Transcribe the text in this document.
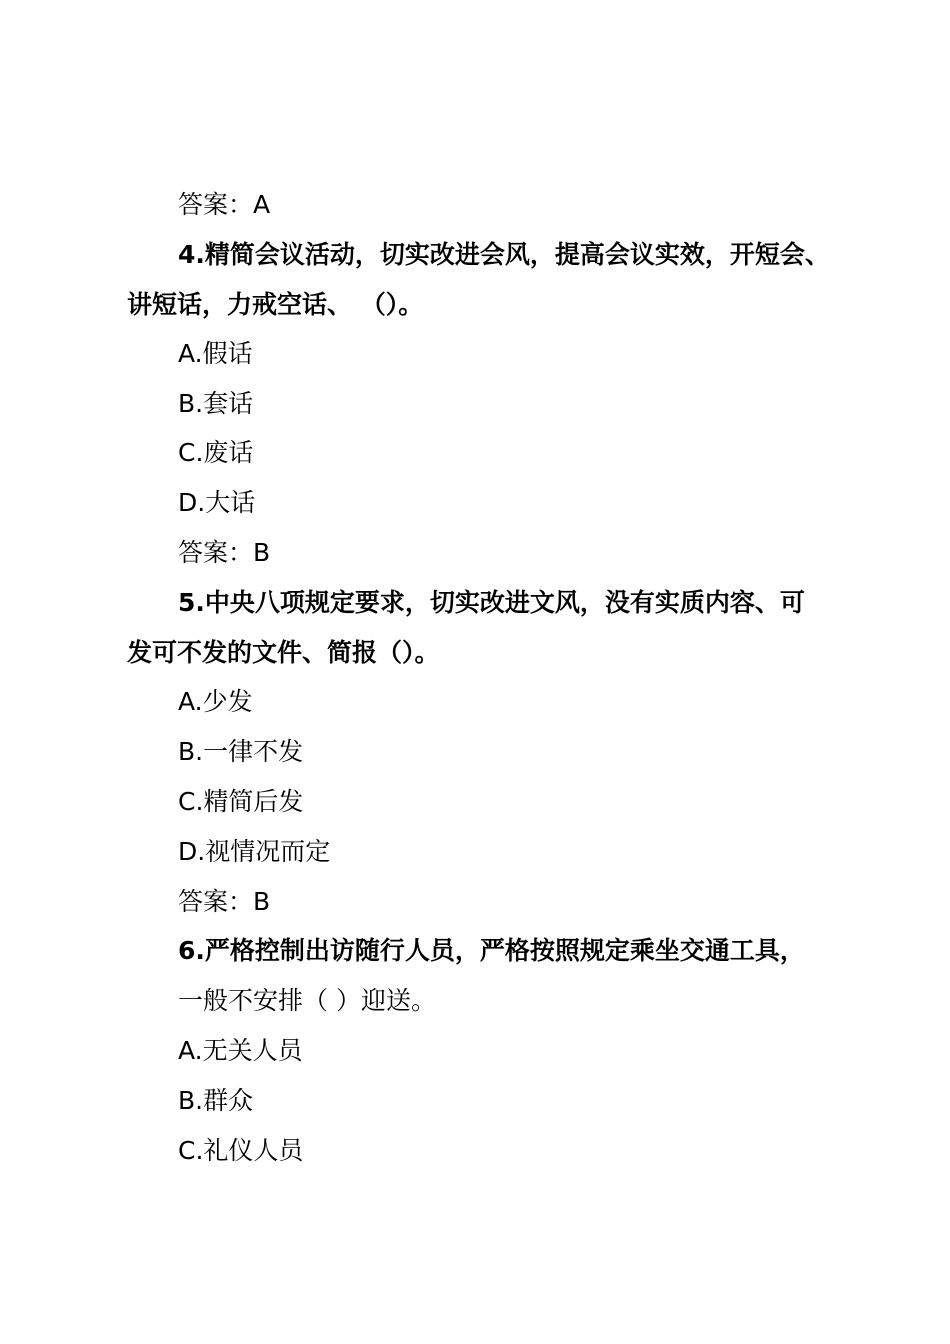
答案：A
4.精简会议活动，切实改进会风，提高会议实效，开短会、
讲短话，力戒空话、 （）。
A.假话
B.套话
C.废话
D.大话
答案：B
5.中央八项规定要求，切实改进文风，没有实质内容、可
发可不发的文件、简报（）。
A.少发
B.一律不发
C.精简后发
D.视情况而定
答案：B
6.严格控制出访随行人员，严格按照规定乘坐交通工具，
一般不安排（ ）迎送。
A.无关人员
B.群众
C.礼仪人员
